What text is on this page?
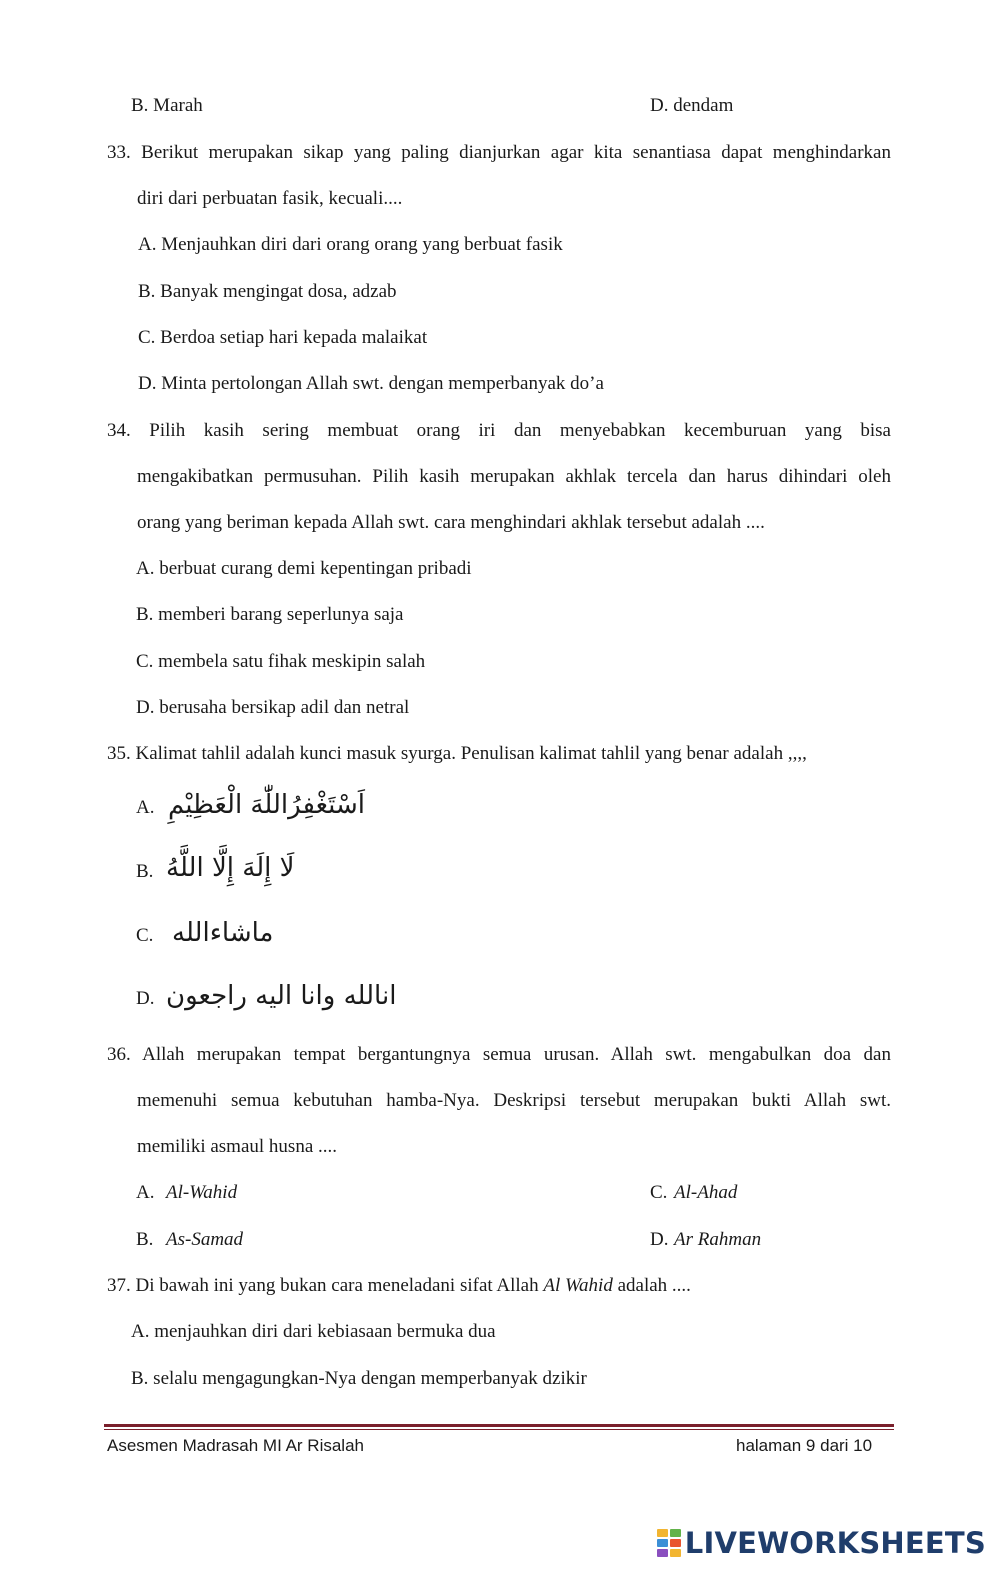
B. Marah	D. dendam
33. Berikut merupakan sikap yang paling dianjurkan agar kita senantiasa dapat menghindarkan
diri dari perbuatan fasik, kecuali....
A. Menjauhkan diri dari orang orang yang berbuat fasik
B. Banyak mengingat dosa, adzab
C. Berdoa setiap hari kepada malaikat
D. Minta pertolongan Allah swt. dengan memperbanyak do’a
34. Pilih kasih sering membuat orang iri dan menyebabkan kecemburuan yang bisa
mengakibatkan permusuhan. Pilih kasih merupakan akhlak tercela dan harus dihindari oleh
orang yang beriman kepada Allah swt. cara menghindari akhlak tersebut adalah ....
A. berbuat curang demi kepentingan pribadi
B. memberi barang seperlunya saja
C. membela satu fihak meskipin salah
D. berusaha bersikap adil dan netral
35. Kalimat tahlil adalah kunci masuk syurga. Penulisan kalimat tahlil yang benar adalah ,,,,
A. اَسْتَغْفِرُاللّٰهَ الْعَظِيْمِ
B. لَا إِلَهَ إِلَّا اللَّهُ
C. ماشاءالله
D. انالله وانا اليه راجعون
36. Allah merupakan tempat bergantungnya semua urusan. Allah swt. mengabulkan doa dan
memenuhi semua kebutuhan hamba-Nya. Deskripsi tersebut merupakan bukti Allah swt.
memiliki asmaul husna ....
A. Al-Wahid	C. Al-Ahad
B. As-Samad	D. Ar Rahman
37. Di bawah ini yang bukan cara meneladani sifat Allah Al Wahid adalah ....
A. menjauhkan diri dari kebiasaan bermuka dua
B. selalu mengagungkan-Nya dengan memperbanyak dzikir
Asesmen Madrasah MI Ar Risalah	halaman 9 dari 10
LIVEWORKSHEETS
